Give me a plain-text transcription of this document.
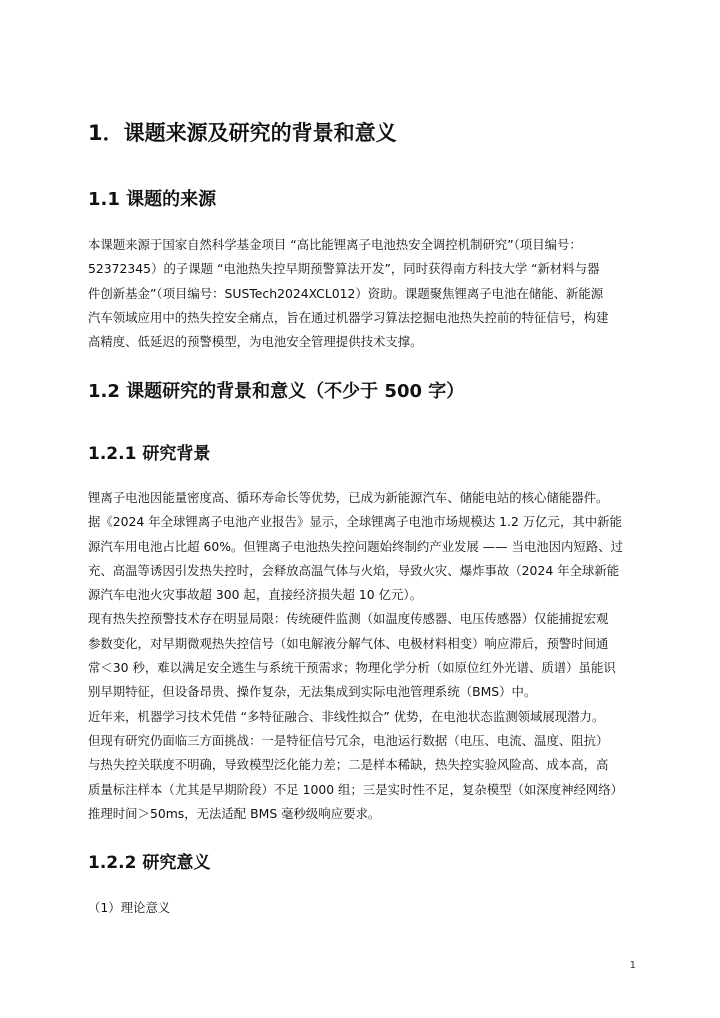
1．课题来源及研究的背景和意义
1.1 课题的来源
本课题来源于国家自然科学基金项目 “高比能锂离子电池热安全调控机制研究”（项目编号：
52372345）的子课题 “电池热失控早期预警算法开发”，同时获得南方科技大学 “新材料与器
件创新基金”（项目编号：SUSTech2024XCL012）资助。课题聚焦锂离子电池在储能、新能源
汽车领域应用中的热失控安全痛点，旨在通过机器学习算法挖掘电池热失控前的特征信号，构建
高精度、低延迟的预警模型，为电池安全管理提供技术支撑。
1.2 课题研究的背景和意义（不少于 500 字）
1.2.1 研究背景
锂离子电池因能量密度高、循环寿命长等优势，已成为新能源汽车、储能电站的核心储能器件。
据《2024 年全球锂离子电池产业报告》显示，全球锂离子电池市场规模达 1.2 万亿元，其中新能
源汽车用电池占比超 60%。但锂离子电池热失控问题始终制约产业发展 —— 当电池因内短路、过
充、高温等诱因引发热失控时，会释放高温气体与火焰，导致火灾、爆炸事故（2024 年全球新能
源汽车电池火灾事故超 300 起，直接经济损失超 10 亿元）。
现有热失控预警技术存在明显局限：传统硬件监测（如温度传感器、电压传感器）仅能捕捉宏观
参数变化，对早期微观热失控信号（如电解液分解气体、电极材料相变）响应滞后，预警时间通
常＜30 秒，难以满足安全逃生与系统干预需求；物理化学分析（如原位红外光谱、质谱）虽能识
别早期特征，但设备昂贵、操作复杂，无法集成到实际电池管理系统（BMS）中。
近年来，机器学习技术凭借 “多特征融合、非线性拟合” 优势，在电池状态监测领域展现潜力。
但现有研究仍面临三方面挑战：一是特征信号冗余，电池运行数据（电压、电流、温度、阻抗）
与热失控关联度不明确，导致模型泛化能力差；二是样本稀缺，热失控实验风险高、成本高，高
质量标注样本（尤其是早期阶段）不足 1000 组；三是实时性不足，复杂模型（如深度神经网络）
推理时间＞50ms，无法适配 BMS 毫秒级响应要求。
1.2.2 研究意义
（1）理论意义
1
